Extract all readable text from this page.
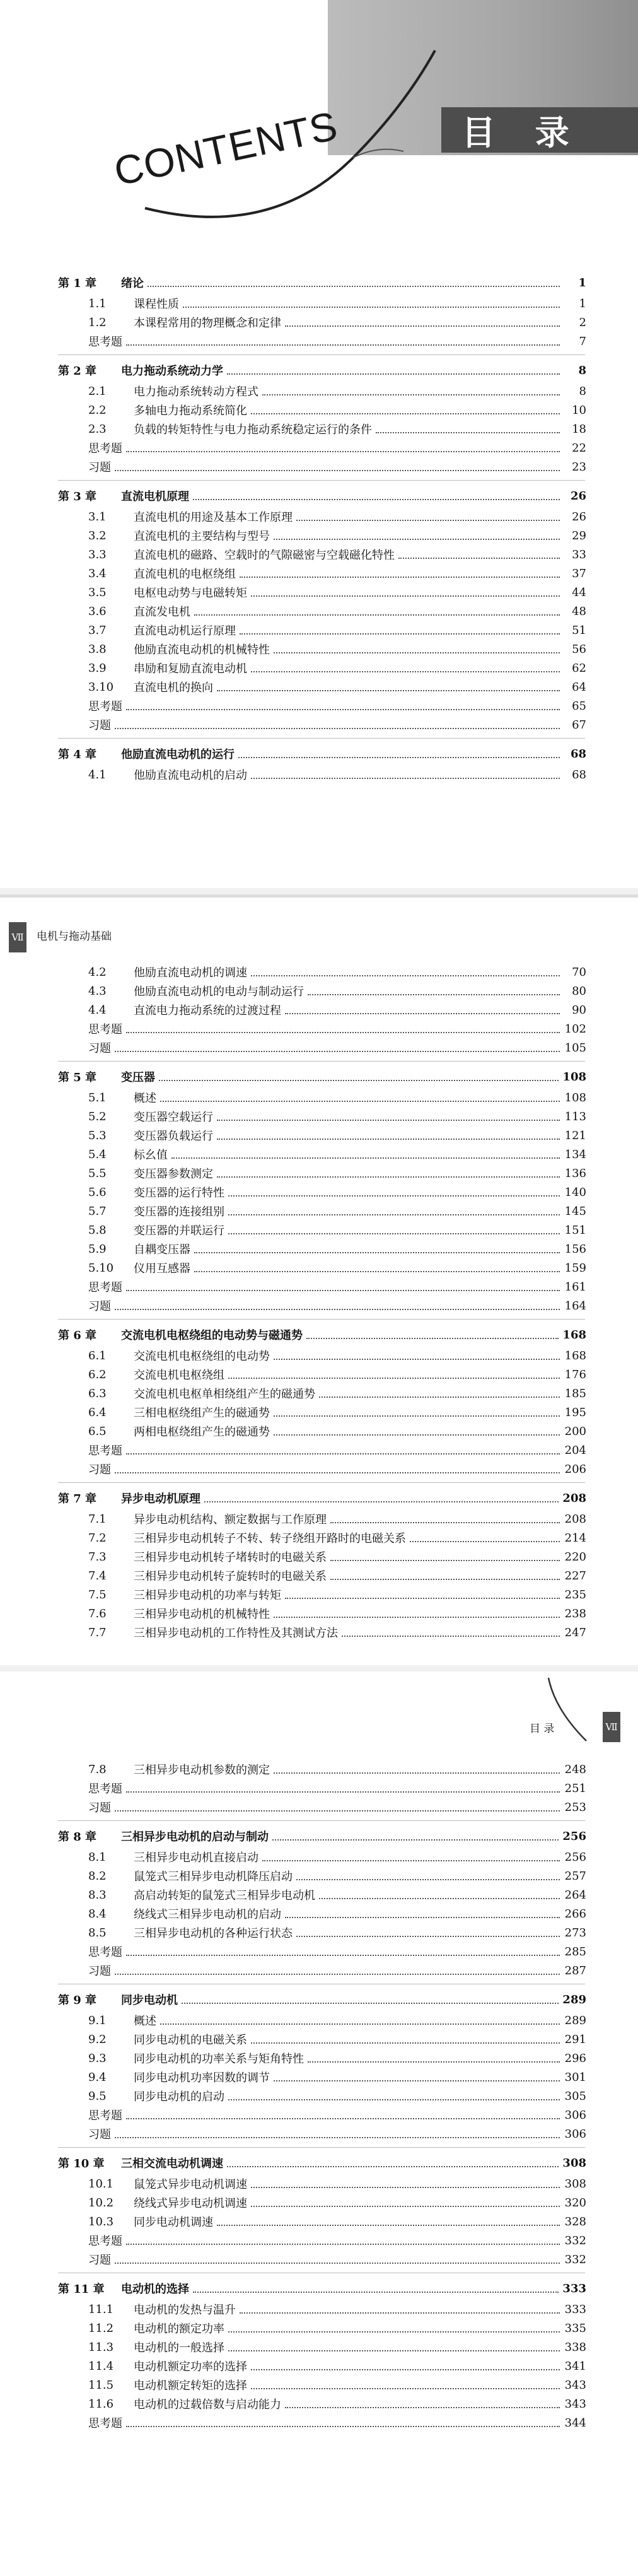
目 录
CONTENTS
第 1 章	绪论	1
1.1	课程性质	1
1.2	本课程常用的物理概念和定律	2
思考题	7
第 2 章	电力拖动系统动力学	8
2.1	电力拖动系统转动方程式	8
2.2	多轴电力拖动系统简化	10
2.3	负载的转矩特性与电力拖动系统稳定运行的条件	18
思考题	22
习题	23
第 3 章	直流电机原理	26
3.1	直流电机的用途及基本工作原理	26
3.2	直流电机的主要结构与型号	29
3.3	直流电机的磁路、空载时的气隙磁密与空载磁化特性	33
3.4	直流电机的电枢绕组	37
3.5	电枢电动势与电磁转矩	44
3.6	直流发电机	48
3.7	直流电动机运行原理	51
3.8	他励直流电动机的机械特性	56
3.9	串励和复励直流电动机	62
3.10	直流电机的换向	64
思考题	65
习题	67
第 4 章	他励直流电动机的运行	68
4.1	他励直流电动机的启动	68
Ⅶ 电机与拖动基础
4.2	他励直流电动机的调速	70
4.3	他励直流电动机的电动与制动运行	80
4.4	直流电力拖动系统的过渡过程	90
思考题	102
习题	105
第 5 章	变压器	108
5.1	概述	108
5.2	变压器空载运行	113
5.3	变压器负载运行	121
5.4	标幺值	134
5.5	变压器参数测定	136
5.6	变压器的运行特性	140
5.7	变压器的连接组别	145
5.8	变压器的并联运行	151
5.9	自耦变压器	156
5.10	仪用互感器	159
思考题	161
习题	164
第 6 章	交流电机电枢绕组的电动势与磁通势	168
6.1	交流电机电枢绕组的电动势	168
6.2	交流电机电枢绕组	176
6.3	交流电机电枢单相绕组产生的磁通势	185
6.4	三相电枢绕组产生的磁通势	195
6.5	两相电枢绕组产生的磁通势	200
思考题	204
习题	206
第 7 章	异步电动机原理	208
7.1	异步电动机结构、额定数据与工作原理	208
7.2	三相异步电动机转子不转、转子绕组开路时的电磁关系	214
7.3	三相异步电动机转子堵转时的电磁关系	220
7.4	三相异步电动机转子旋转时的电磁关系	227
7.5	三相异步电动机的功率与转矩	235
7.6	三相异步电动机的机械特性	238
7.7	三相异步电动机的工作特性及其测试方法	247
目 录	Ⅶ
7.8	三相异步电动机参数的测定	248
思考题	251
习题	253
第 8 章	三相异步电动机的启动与制动	256
8.1	三相异步电动机直接启动	256
8.2	鼠笼式三相异步电动机降压启动	257
8.3	高启动转矩的鼠笼式三相异步电动机	264
8.4	绕线式三相异步电动机的启动	266
8.5	三相异步电动机的各种运行状态	273
思考题	285
习题	287
第 9 章	同步电动机	289
9.1	概述	289
9.2	同步电动机的电磁关系	291
9.3	同步电动机的功率关系与矩角特性	296
9.4	同步电动机功率因数的调节	301
9.5	同步电动机的启动	305
思考题	306
习题	306
第 10 章	三相交流电动机调速	308
10.1	鼠笼式异步电动机调速	308
10.2	绕线式异步电动机调速	320
10.3	同步电动机调速	328
思考题	332
习题	332
第 11 章	电动机的选择	333
11.1	电动机的发热与温升	333
11.2	电动机的额定功率	335
11.3	电动机的一般选择	338
11.4	电动机额定功率的选择	341
11.5	电动机额定转矩的选择	343
11.6	电动机的过载倍数与启动能力	343
思考题	344
